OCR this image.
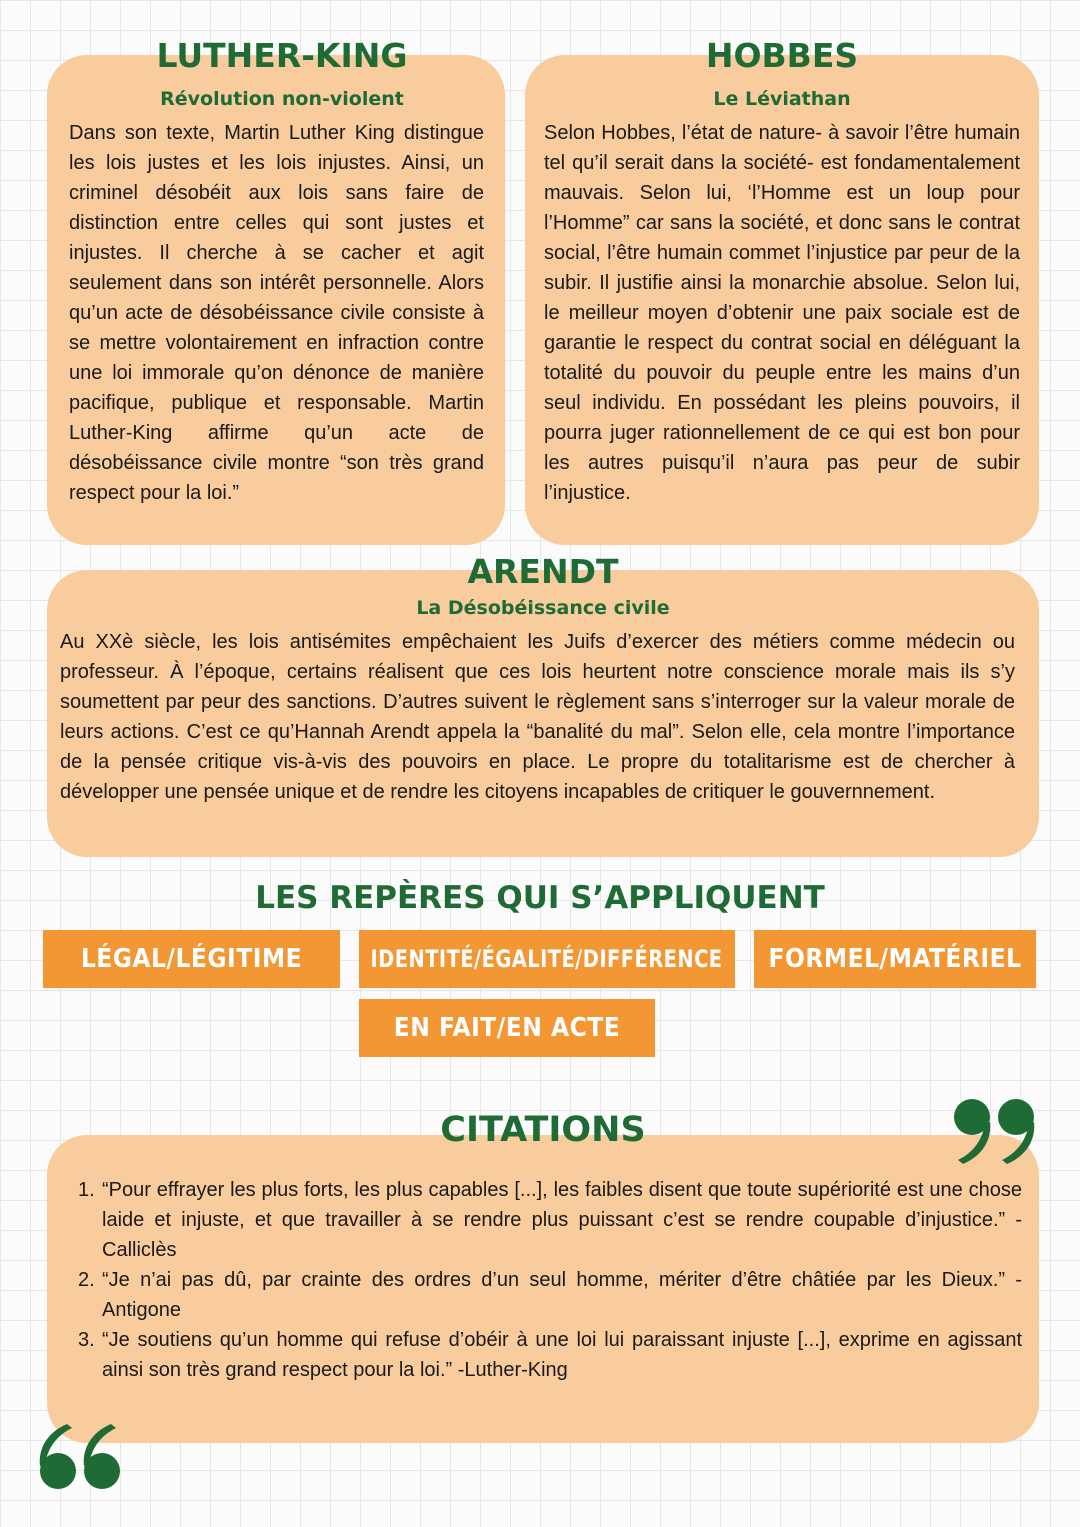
LUTHER-KING

Révolution non-violent

Dans son texte, Martin Luther King distingue les lois justes et les lois injustes. Ainsi, un criminel désobéit aux lois sans faire de distinction entre celles qui sont justes et injustes. Il cherche à se cacher et agit seulement dans son intérêt personnelle. Alors qu’un acte de désobéissance civile consiste à se mettre volontairement en infraction contre une loi immorale qu’on dénonce de manière pacifique, publique et responsable. Martin Luther-King affirme qu’un acte de désobéissance civile montre “son très grand respect pour la loi.”

HOBBES

Le Léviathan

Selon Hobbes, l’état de nature- à savoir l’être humain tel qu’il serait dans la société- est fondamentalement mauvais. Selon lui, ‘l’Homme est un loup pour l’Homme” car sans la société, et donc sans le contrat social, l’être humain commet l’injustice par peur de la subir. Il justifie ainsi la monarchie absolue. Selon lui, le meilleur moyen d’obtenir une paix sociale est de garantie le respect du contrat social en déléguant la totalité du pouvoir du peuple entre les mains d’un seul individu. En possédant les pleins pouvoirs, il pourra juger rationnellement de ce qui est bon pour les autres puisqu’il n’aura pas peur de subir l’injustice.

ARENDT

La Désobéissance civile

Au XXè siècle, les lois antisémites empêchaient les Juifs d’exercer des métiers comme médecin ou professeur. À l’époque, certains réalisent que ces lois heurtent notre conscience morale mais ils s’y soumettent par peur des sanctions. D’autres suivent le règlement sans s’interroger sur la valeur morale de leurs actions. C’est ce qu’Hannah Arendt appela la “banalité du mal”. Selon elle, cela montre l’importance de la pensée critique vis-à-vis des pouvoirs en place. Le propre du totalitarisme est de chercher à développer une pensée unique et de rendre les citoyens incapables de critiquer le gouvernnement.

LES REPÈRES QUI S’APPLIQUENT
LÉGAL/LÉGITIME	IDENTITÉ/ÉGALITÉ/DIFFÉRENCE FORMEL/MATÉRIEL
EN FAIT/EN ACTE
CITATIONS
1. “Pour effrayer les plus forts, les plus capables [...], les faibles disent que toute supériorité est une chose laide et injuste, et que travailler à se rendre plus puissant c’est se rendre coupable d’injustice.” -Calliclès
2. “Je n’ai pas dû, par crainte des ordres d’un seul homme, mériter d’être châtiée par les Dieux.” - Antigone
3. “Je soutiens qu’un homme qui refuse d’obéir à une loi lui paraissant injuste [...], exprime en agissant ainsi son très grand respect pour la loi.” -Luther-King
